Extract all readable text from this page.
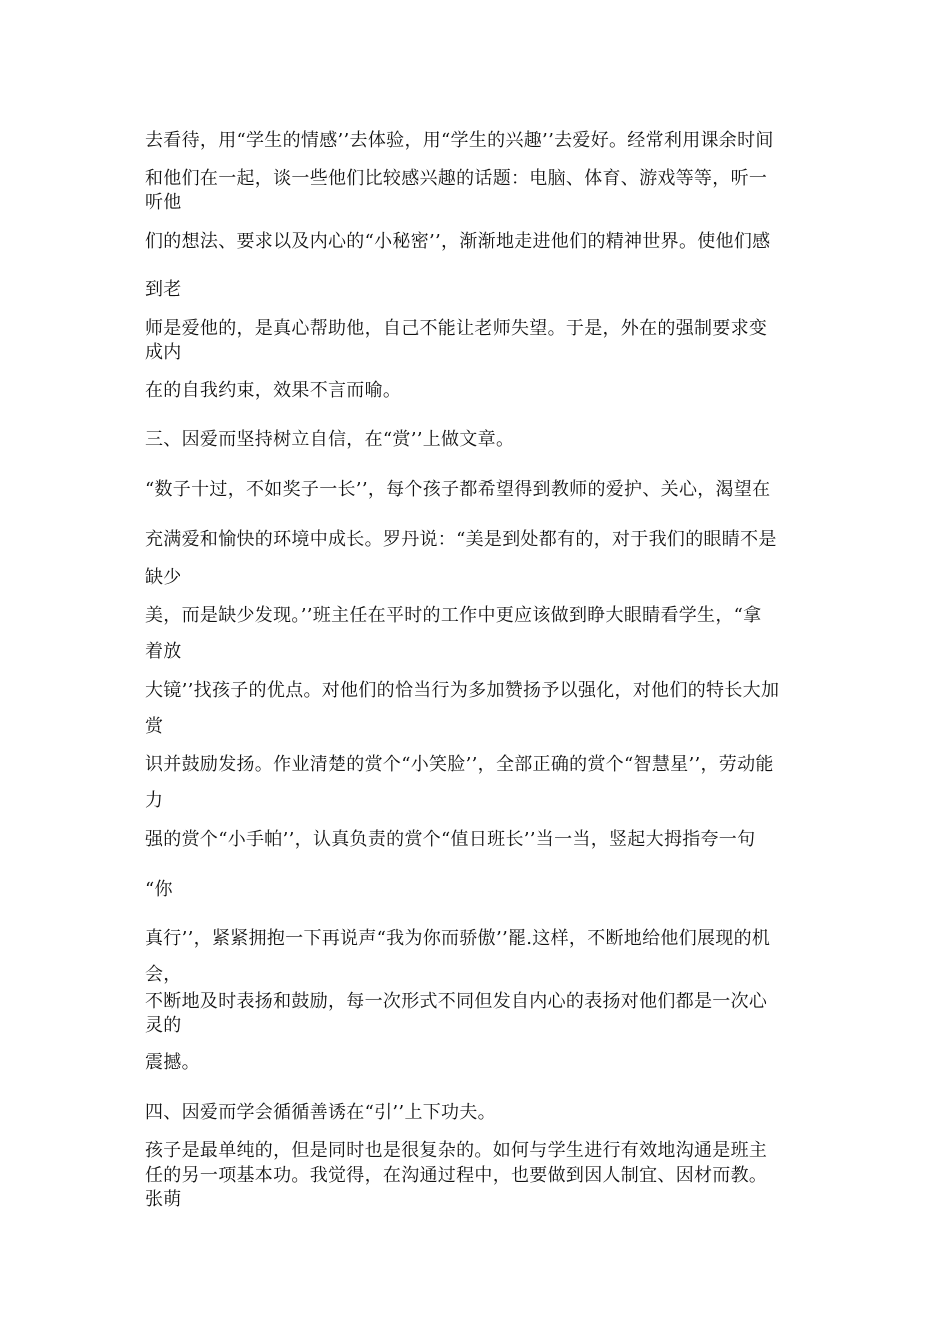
去看待，用“学生的情感’’去体验，用“学生的兴趣’’去爱好。经常利用课余时间
和他们在一起，谈一些他们比较感兴趣的话题：电脑、体育、游戏等等，听一
听他
们的想法、要求以及内心的“小秘密’’，渐渐地走进他们的精神世界。使他们感
到老
师是爱他的，是真心帮助他，自己不能让老师失望。于是，外在的强制要求变
成内
在的自我约束，效果不言而喻。
三、因爱而坚持树立自信，在“赏’’上做文章。
“数子十过，不如奖子一长’’，每个孩子都希望得到教师的爱护、关心，渴望在
充满爱和愉快的环境中成长。罗丹说：“美是到处都有的，对于我们的眼睛不是
缺少
美，而是缺少发现。’’班主任在平时的工作中更应该做到睁大眼睛看学生，“拿
着放
大镜’’找孩子的优点。对他们的恰当行为多加赞扬予以强化，对他们的特长大加
赏
识并鼓励发扬。作业清楚的赏个“小笑脸’’，全部正确的赏个“智慧星’’，劳动能
力
强的赏个“小手帕’’，认真负责的赏个“值日班长’’当一当，竖起大拇指夸一句
“你
真行’’，紧紧拥抱一下再说声“我为你而骄傲’’罷.这样，不断地给他们展现的机
会，
不断地及时表扬和鼓励，每一次形式不同但发自内心的表扬对他们都是一次心
灵的
震撼。
四、因爱而学会循循善诱在“引’’上下功夫。
孩子是最单纯的，但是同时也是很复杂的。如何与学生进行有效地沟通是班主
任的另一项基本功。我觉得，在沟通过程中，也要做到因人制宜、因材而教。
张萌
